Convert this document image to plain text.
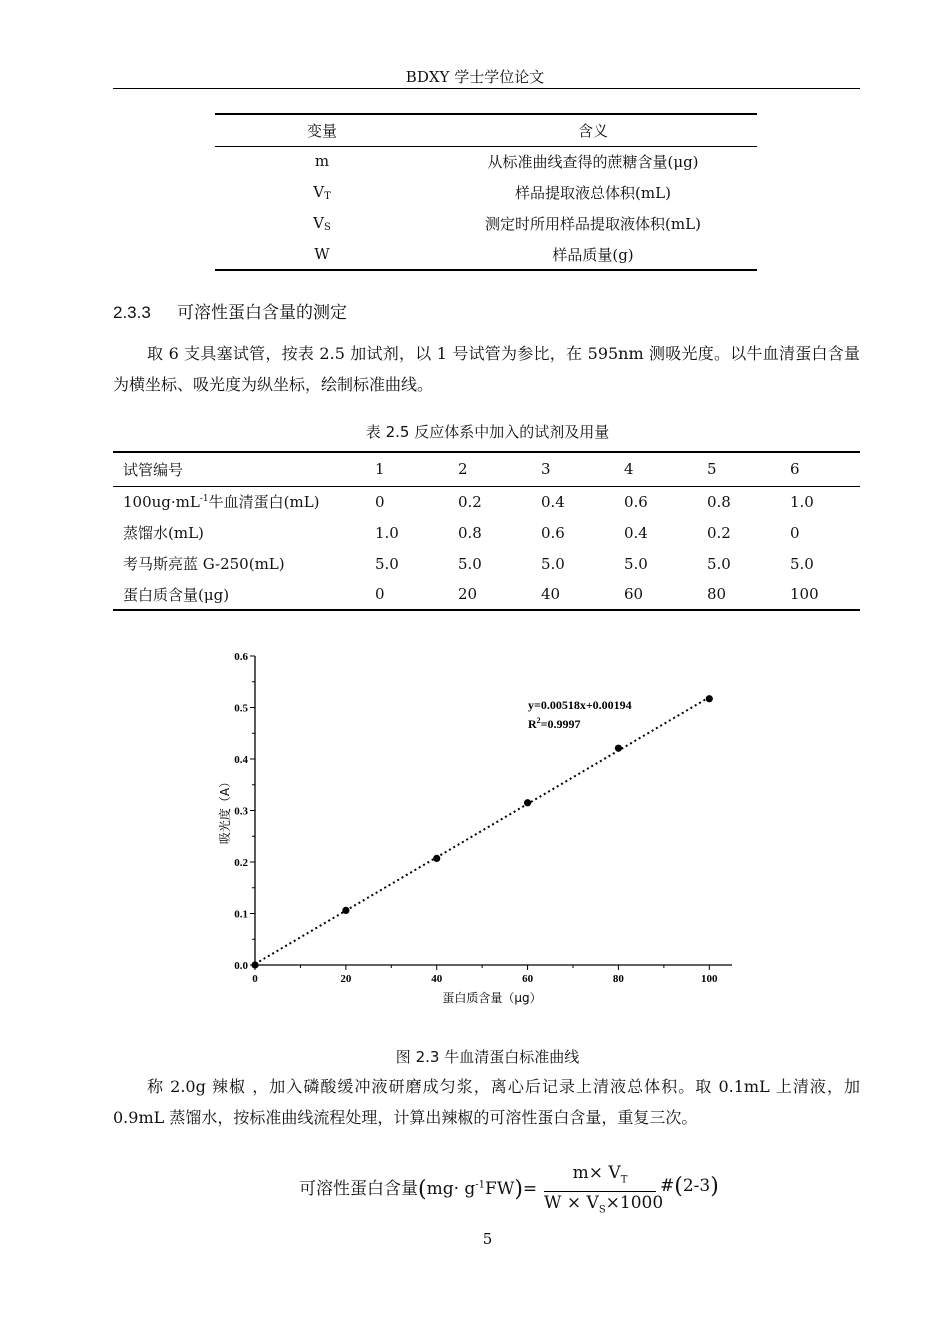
BDXY 学士学位论文
变量	含义
m	从标准曲线查得的蔗糖含量(μg)
$V_T$	样品提取液总体积(mL)
$V_S$	测定时所用样品提取液体积(mL)
W	样品质量(g)
2.3.3 可溶性蛋白含量的测定

取 6 支具塞试管，按表 2.5 加试剂，以 1 号试管为参比，在 595nm 测吸光度。以牛血清蛋白含量为横坐标、吸光度为纵坐标，绘制标准曲线。

表 2.5 反应体系中加入的试剂及用量
试管编号	1	2	3	4	5	6
$100ug\cdot mL^{-1}$牛血清蛋白(mL)	0	0.2	0.4	0.6	0.8	1.0
蒸馏水(mL)	1.0	0.8	0.6	0.4	0.2	0
考马斯亮蓝 G-250(mL)	5.0	5.0	5.0	5.0	5.0	5.0
蛋白质含量(μg)	0	20	40	60	80	100
0	20	40	60	80	100
0.0
0.1
0.2
0.3
0.4
0.5
0.6
y=0.00518x+0.00194
$R^2=0.9997$
蛋白质含量（μg）
吸光度（A）
图 2.3 牛血清蛋白标准曲线

称 2.0g 辣椒 ，加入磷酸缓冲液研磨成匀浆，离心后记录上清液总体积。取 0.1mL 上清液，加 0.9mL 蒸馏水，按标准曲线流程处理，计算出辣椒的可溶性蛋白含量，重复三次。

可溶性蛋白含量$(mg\cdot g^{-1}FW)= \frac{m\times V_T}{W \times V_S\times 1000}$ #(2-3)
5
